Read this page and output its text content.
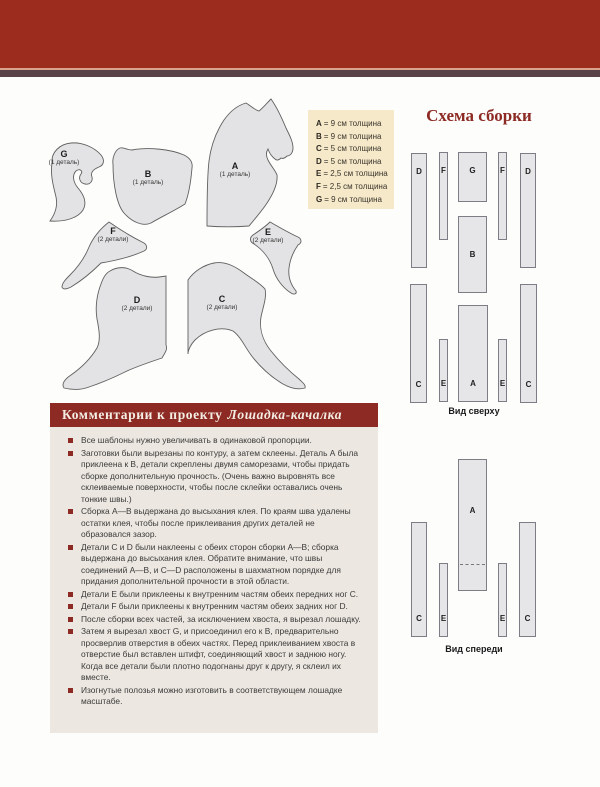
G
(1 деталь)
B
(1 деталь)
A
(1 деталь)
F
(2 детали)
E
(2 детали)
D
(2 детали)
C
(2 детали)
A = 9 см толщина
B = 9 см толщина
C = 5 см толщина
D = 5 см толщина
E = 2,5 см толщина
F = 2,5 см толщина
G = 9 см толщина
Схема сборки
D F	G	F	D
B
C E	A	E	C
Вид сверху
A
C E	E C
Вид спереди
Комментарии к проекту Лошадка-качалка
Все шаблоны нужно увеличивать в одинаковой пропорции.
Заготовки были вырезаны по контуру, а затем склеены. Деталь А была приклеена к В, детали скреплены двумя саморезами, чтобы придать сборке дополнительную прочность. (Очень важно выровнять все склеиваемые поверхности, чтобы после склейки оставались очень тонкие швы.)
Сборка А—В выдержана до высыхания клея. По краям шва удалены остатки клея, чтобы после приклеивания других деталей не образовался зазор.
Детали C и D были наклеены с обеих сторон сборки А—В; сборка выдержана до высыхания клея. Обратите внимание, что швы соединений А—В, и С—D расположены в шахматном порядке для придания дополнительной прочности в этой области.
Детали Е были приклеены к внутренним частям обеих передних ног С.
Детали F были приклеены к внутренним частям обеих задних ног D.
После сборки всех частей, за исключением хвоста, я вырезал лошадку.
Затем я вырезал хвост G, и присоединил его к В, предварительно просверлив отверстия в обеих частях. Перед приклеиванием хвоста в отверстие был вставлен штифт, соединяющий хвост и заднюю ногу. Когда все детали были плотно подогнаны друг к другу, я склеил их вместе.
Изогнутые полозья можно изготовить в соответствующем лошадке масштабе.
